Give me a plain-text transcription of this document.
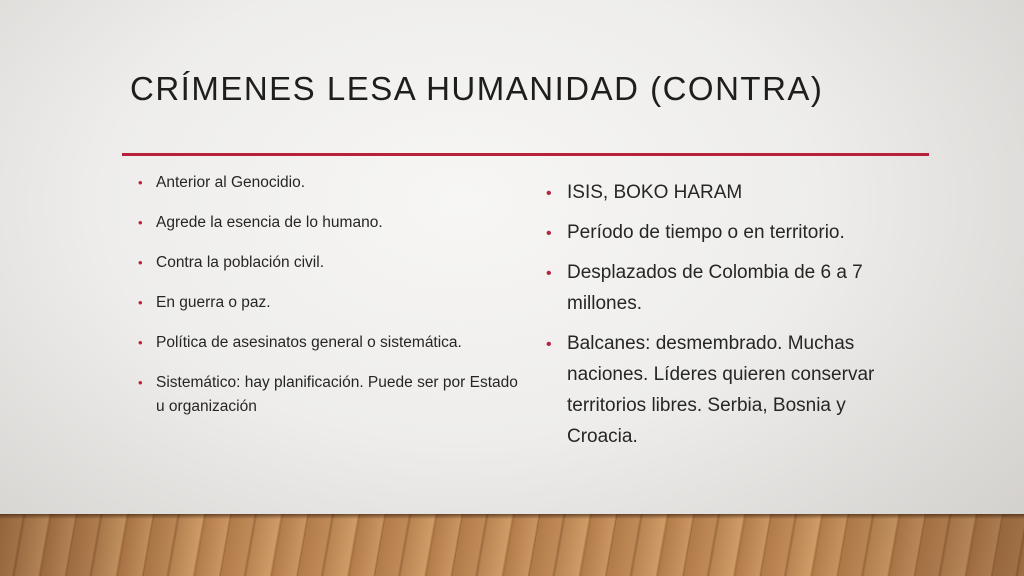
CRÍMENES LESA HUMANIDAD (CONTRA)
• Anterior al Genocidio.
• Agrede la esencia de lo humano.
• Contra la población civil.
• En guerra o paz.
• Política de asesinatos general o sistemática.
• Sistemático: hay planificación. Puede ser por Estado u organización
• ISIS, BOKO HARAM
• Período de tiempo o en territorio.
• Desplazados de Colombia de 6 a 7 millones.
• Balcanes: desmembrado. Muchas naciones. Líderes quieren conservar territorios libres. Serbia, Bosnia y Croacia.
